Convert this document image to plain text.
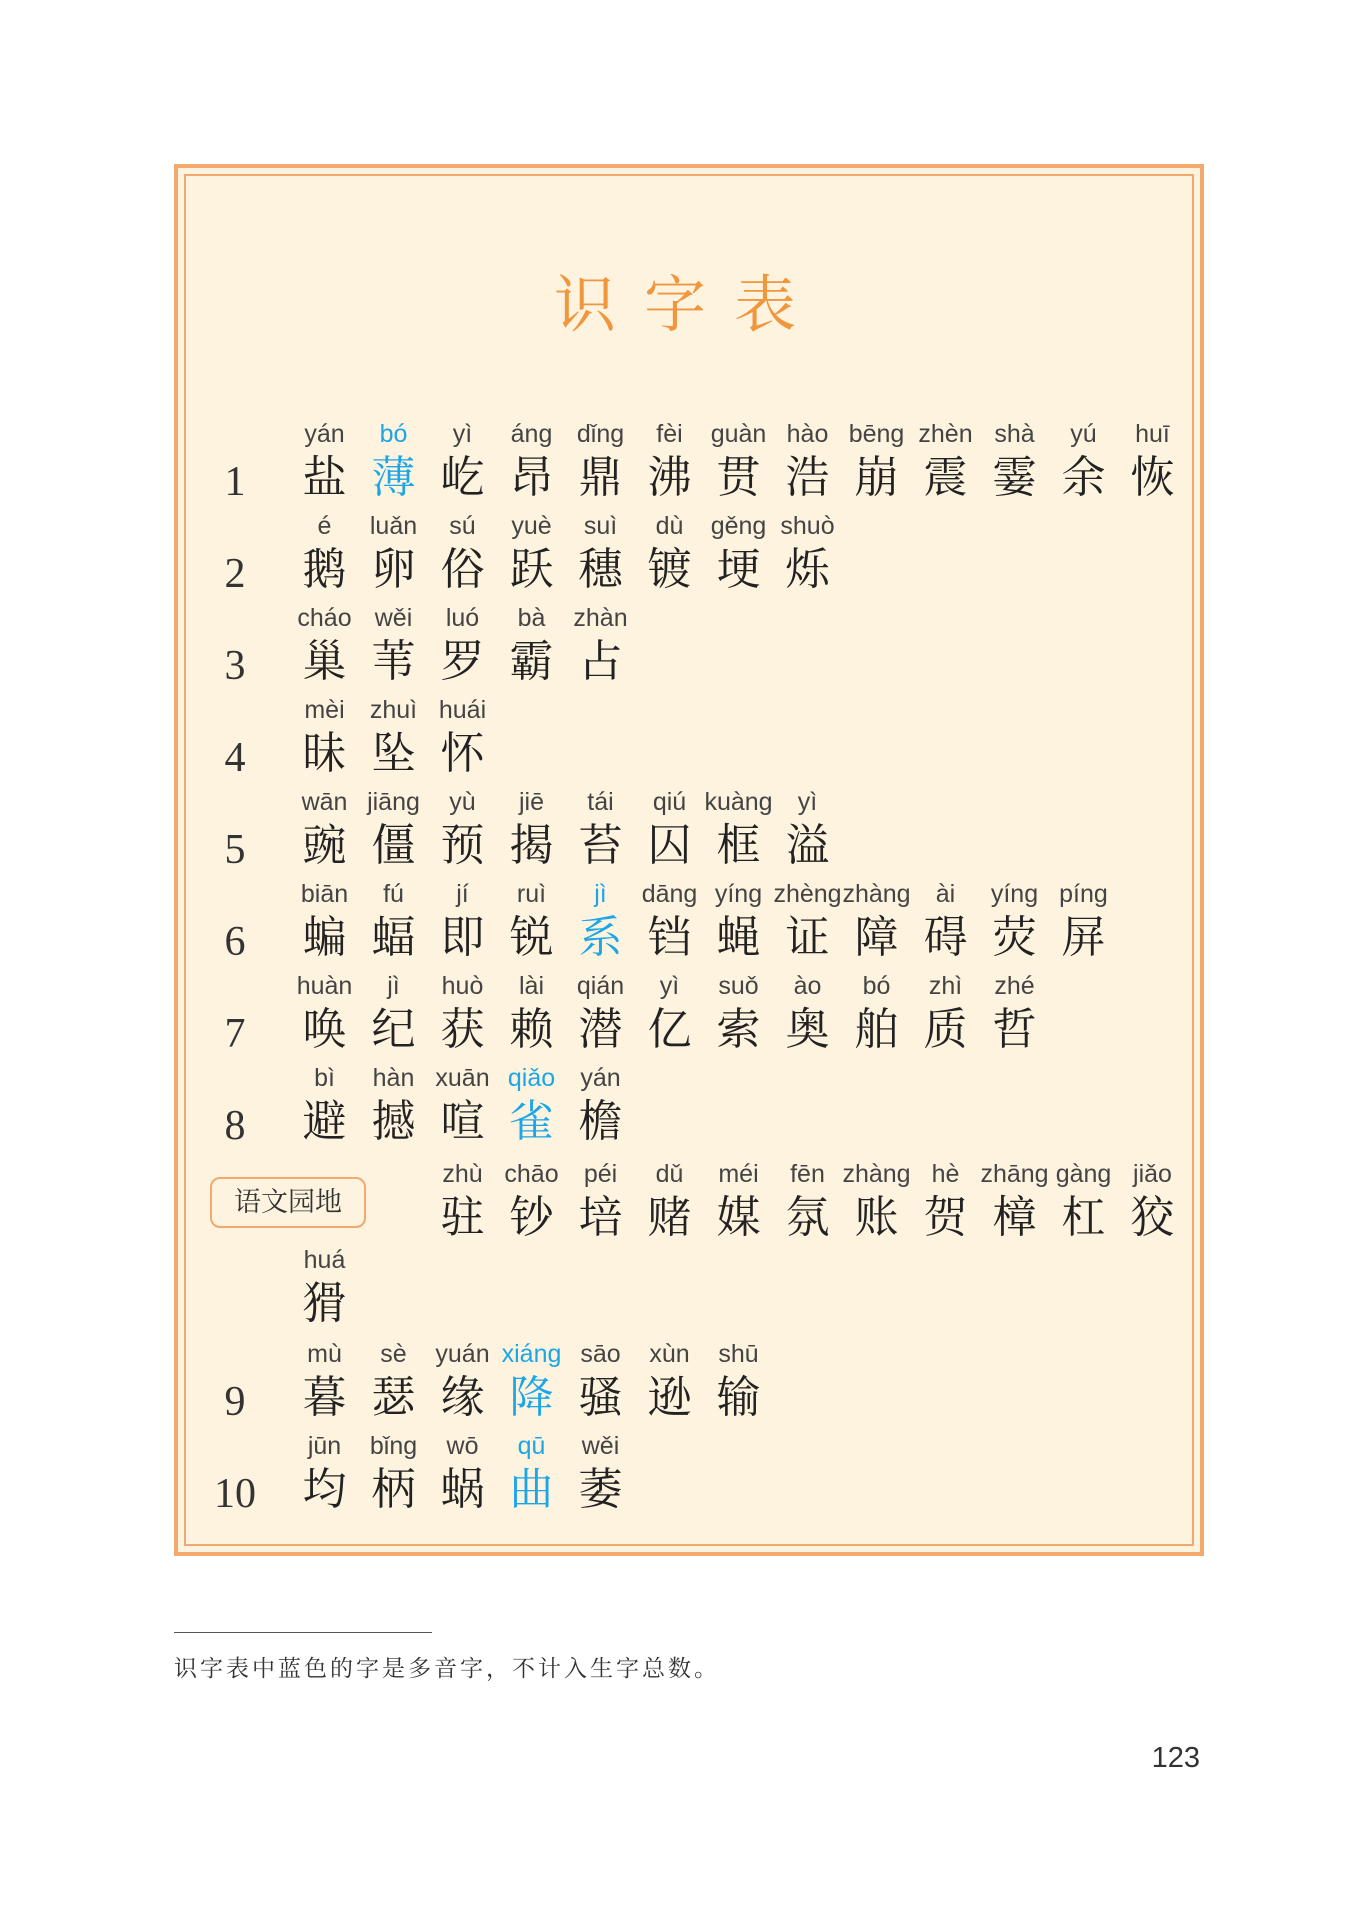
识字表
1
yán
盐
bó
薄
yì
屹
áng
昂
dǐng
鼎
fèi
沸
guàn
贯
hào
浩
bēng
崩
zhèn
震
shà
霎
yú
余
huī
恢
2
é
鹅
luǎn
卵
sú
俗
yuè
跃
suì
穗
dù
镀
gěng
埂
shuò
烁
3
cháo
巢
wěi
苇
luó
罗
bà
霸
zhàn
占
4
mèi
昧
zhuì
坠
huái
怀
5
wān
豌
jiāng
僵
yù
预
jiē
揭
tái
苔
qiú
囚
kuàng
框
yì
溢
6
biān
蝙
fú
蝠
jí
即
ruì
锐
jì
系
dāng
铛
yíng
蝇
zhèng
证
zhàng
障
ài
碍
yíng
荧
píng
屏
7
huàn
唤
jì
纪
huò
获
lài
赖
qián
潜
yì
亿
suǒ
索
ào
奥
bó
舶
zhì
质
zhé
哲
8
bì
避
hàn
撼
xuān
喧
qiǎo
雀
yán
檐
zhù
驻
chāo
钞
péi
培
dǔ
赌
méi
媒
fēn
氛
zhàng
账
hè
贺
zhāng
樟
gàng
杠
jiǎo
狡
huá
猾
9
mù
暮
sè
瑟
yuán
缘
xiáng
降
sāo
骚
xùn
逊
shū
输
10
jūn
均
bǐng
柄
wō
蜗
qū
曲
wěi
萎
语文园地
识字表中蓝色的字是多音字，不计入生字总数。
123
